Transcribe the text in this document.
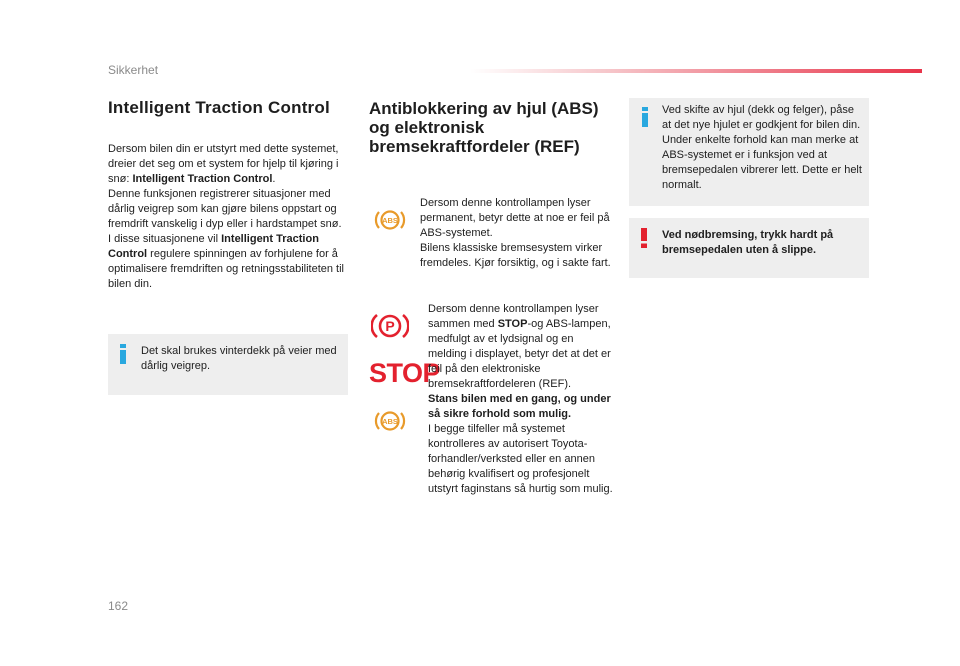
Sikkerhet
Intelligent Traction Control

Dersom bilen din er utstyrt med dette systemet, dreier det seg om et system for hjelp til kjøring i snø: Intelligent Traction Control.

Denne funksjonen registrerer situasjoner med dårlig veigrep som kan gjøre bilens oppstart og fremdrift vanskelig i dyp eller i hardstampet snø.

I disse situasjonene vil Intelligent Traction Control regulere spinningen av forhjulene for å optimalisere fremdriften og retningsstabiliteten til bilen din.

Det skal brukes vinterdekk på veier med dårlig veigrep.
Antiblokkering av hjul (ABS) og elektronisk bremsekraftfordeler (REF)
ABS

Dersom denne kontrollampen lyser permanent, betyr dette at noe er feil på ABS-systemet.

Bilens klassiske bremsesystem virker fremdeles. Kjør forsiktig, og i sakte fart.

P
STOP
ABS

Dersom denne kontrollampen lyser sammen med STOP-og ABS-lampen, medfulgt av et lydsignal og en melding i displayet, betyr det at det er feil på den elektroniske bremsekraftfordeleren (REF).

Stans bilen med en gang, og under så sikre forhold som mulig.

I begge tilfeller må systemet kontrolleres av autorisert Toyota-forhandler/verksted eller en annen behørig kvalifisert og profesjonelt utstyrt faginstans så hurtig som mulig.

Ved skifte av hjul (dekk og felger), påse at det nye hjulet er godkjent for bilen din. Under enkelte forhold kan man merke at ABS-systemet er i funksjon ved at bremsepedalen vibrerer lett. Dette er helt normalt.
Ved nødbremsing, trykk hardt på bremsepedalen uten å slippe.
162
